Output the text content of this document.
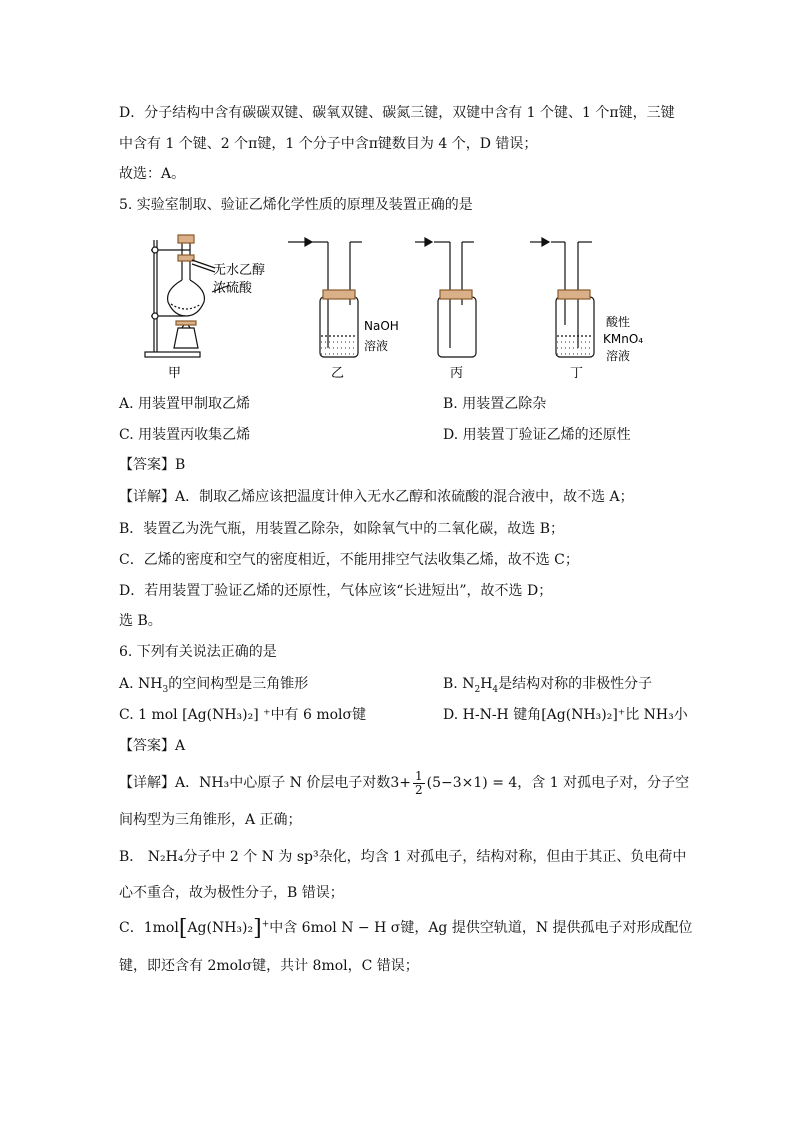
D．分子结构中含有碳碳双键、碳氧双键、碳氮三键，双键中含有 1 个键、1 个π键，三键
中含有 1 个键、2 个π键，1 个分子中含π键数目为 4 个，D 错误；
故选：A。
5. 实验室制取、验证乙烯化学性质的原理及装置正确的是
无水乙醇
浓硫酸
甲
NaOH
溶液
乙	丙
酸性
KMnO₄
溶液
丁
A. 用装置甲制取乙烯	B. 用装置乙除杂
C. 用装置丙收集乙烯	D. 用装置丁验证乙烯的还原性
【答案】B
【详解】A．制取乙烯应该把温度计伸入无水乙醇和浓硫酸的混合液中，故不选 A；
B．装置乙为洗气瓶，用装置乙除杂，如除氧气中的二氧化碳，故选 B；
C．乙烯的密度和空气的密度相近，不能用排空气法收集乙烯，故不选 C；
D．若用装置丁验证乙烯的还原性，气体应该“长进短出”，故不选 D；
选 B。
6. 下列有关说法正确的是
A. $NH_3$的空间构型是三角锥形	B. $N_2H_4$是结构对称的非极性分子
C. 1 mol [Ag(NH₃)₂] ⁺中有 6 molσ键	D. H-N-H 键角[Ag(NH₃)₂]⁺比 NH₃小
【答案】A
【详解】A．NH₃中心原子 N 价层电子对数$3+ \frac{1}{2} (5-3\times 1) = 4$，含 1 对孤电子对，分子空
间构型为三角锥形，A 正确；
B． N₂H₄分子中 2 个 N 为 sp³杂化，均含 1 对孤电子，结构对称，但由于其正、负电荷中
心不重合，故为极性分子，B 错误；
C．1mol[Ag(NH₃)₂]+中含 6mol N − H σ键，Ag 提供空轨道，N 提供孤电子对形成配位
键，即还含有 2molσ键，共计 8mol，C 错误；
